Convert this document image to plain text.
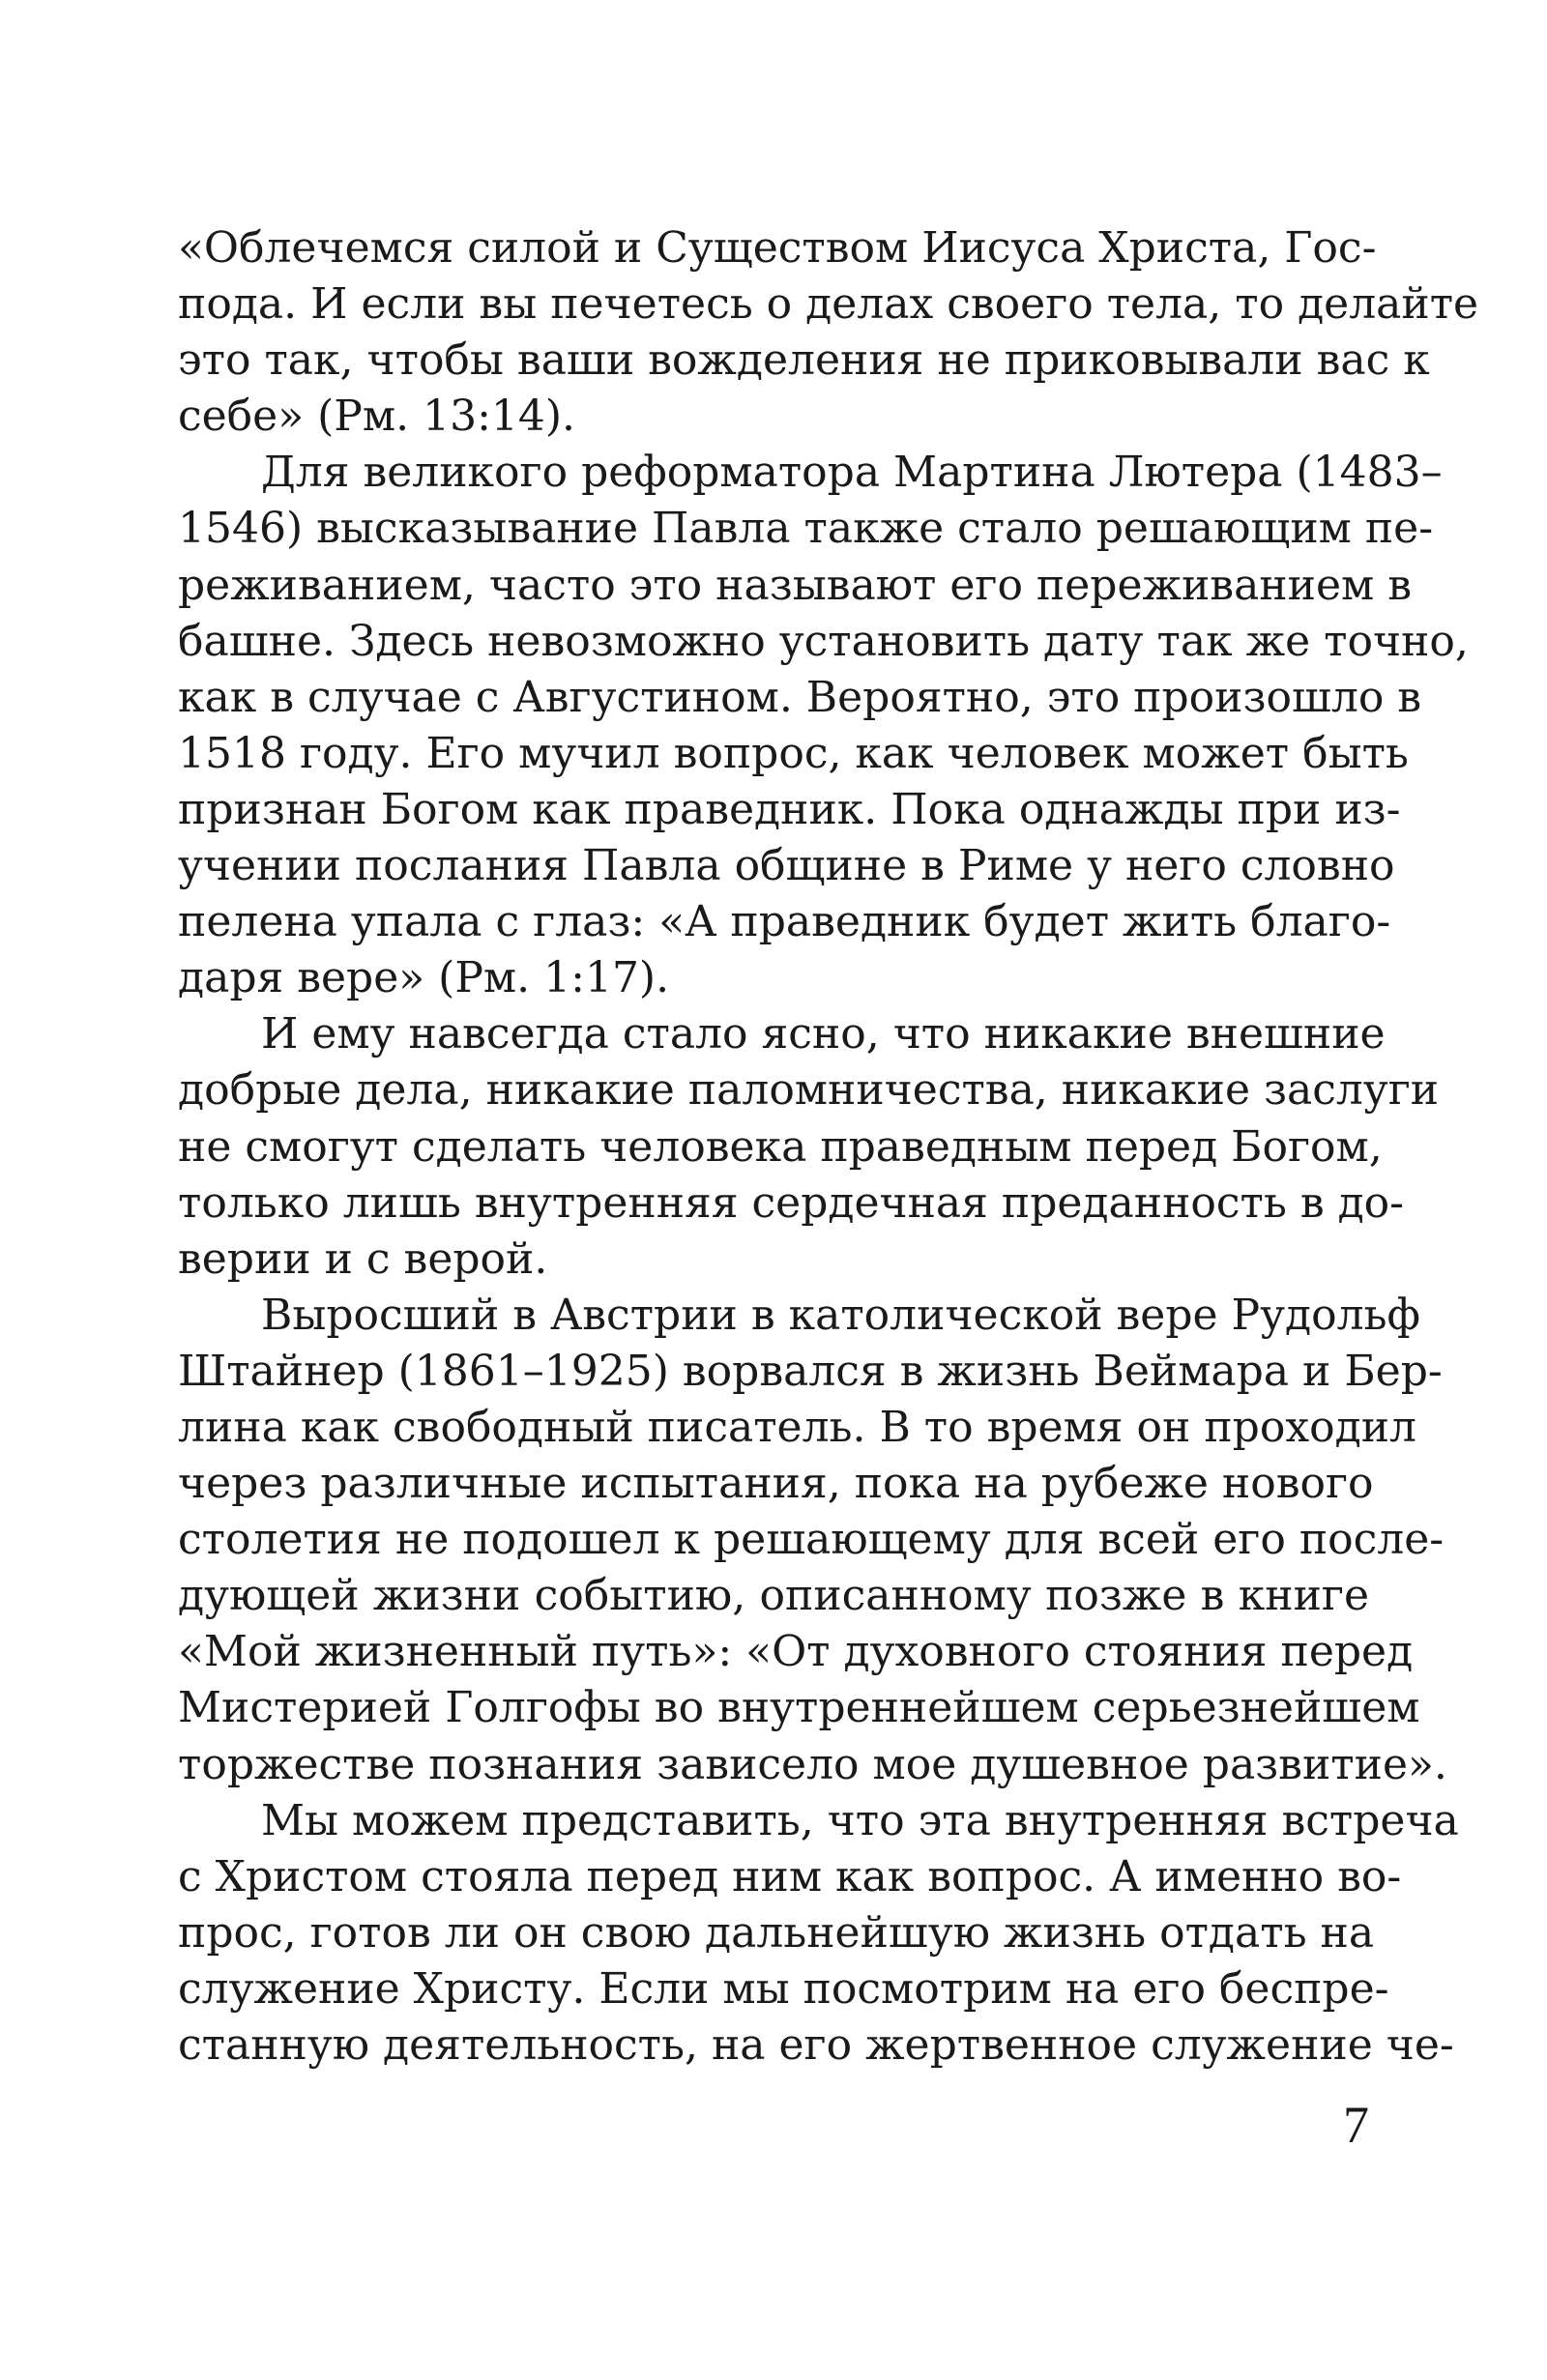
«Облечемся силой и Существом Иисуса Христа, Гос-
пода. И если вы печетесь о делах своего тела, то делайте
это так, чтобы ваши вожделения не приковывали вас к
себе» (Рм. 13:14).
Для великого реформатора Мартина Лютера (1483–
1546) высказывание Павла также стало решающим пе-
реживанием, часто это называют его переживанием в
башне. Здесь невозможно установить дату так же точно,
как в случае с Августином. Вероятно, это произошло в
1518 году. Его мучил вопрос, как человек может быть
признан Богом как праведник. Пока однажды при из-
учении послания Павла общине в Риме у него словно
пелена упала с глаз: «А праведник будет жить благо-
даря вере» (Рм. 1:17).
И ему навсегда стало ясно, что никакие внешние
добрые дела, никакие паломничества, никакие заслуги
не смогут сделать человека праведным перед Богом,
только лишь внутренняя сердечная преданность в до-
верии и с верой.
Выросший в Австрии в католической вере Рудольф
Штайнер (1861–1925) ворвался в жизнь Веймара и Бер-
лина как свободный писатель. В то время он проходил
через различные испытания, пока на рубеже нового
столетия не подошел к решающему для всей его после-
дующей жизни событию, описанному позже в книге
«Мой жизненный путь»: «От духовного стояния перед
Мистерией Голгофы во внутреннейшем серьезнейшем
торжестве познания зависело мое душевное развитие».
Мы можем представить, что эта внутренняя встреча
с Христом стояла перед ним как вопрос. А именно во-
прос, готов ли он свою дальнейшую жизнь отдать на
служение Христу. Если мы посмотрим на его беспре-
станную деятельность, на его жертвенное служение че-
7
